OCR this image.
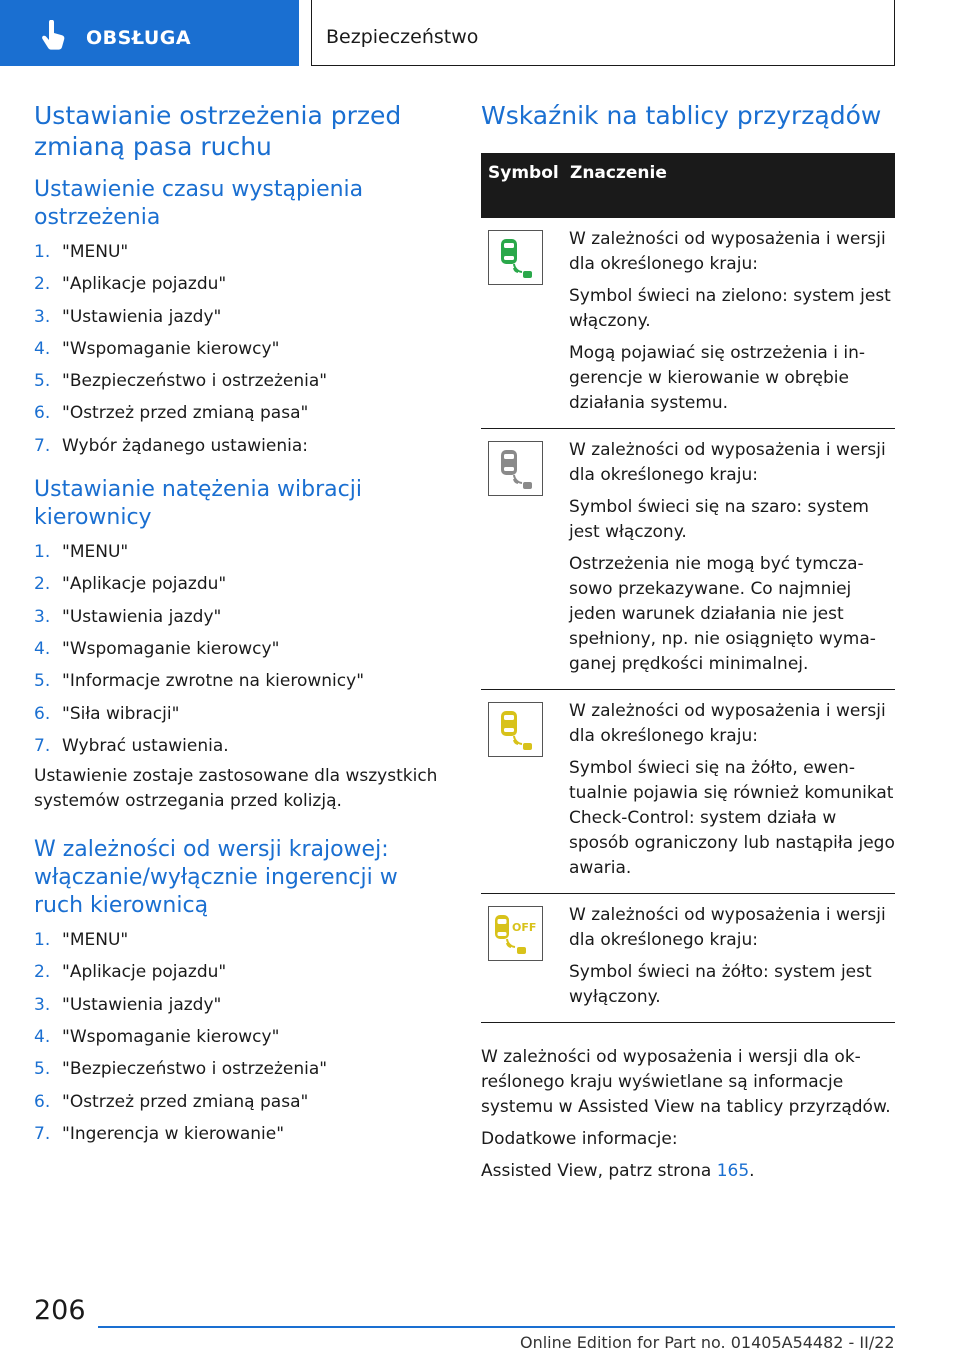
OBSŁUGA	Bezpieczeństwo
Ustawianie ostrzeżenia przed zmianą pasa ruchu
Ustawienie czasu wystąpienia ostrzeżenia
1. "MENU"
2. "Aplikacje pojazdu"
3. "Ustawienia jazdy"
4. "Wspomaganie kierowcy"
5. "Bezpieczeństwo i ostrzeżenia"
6. "Ostrzeż przed zmianą pasa"
7. Wybór żądanego ustawienia:
Ustawianie natężenia wibracji kierownicy
1. "MENU"
2. "Aplikacje pojazdu"
3. "Ustawienia jazdy"
4. "Wspomaganie kierowcy"
5. "Informacje zwrotne na kierownicy"
6. "Siła wibracji"
7. Wybrać ustawienia.

Ustawienie zostaje zastosowane dla wszystkich systemów ostrzegania przed kolizją.

W zależności od wersji krajowej: włączanie/wyłącznie ingerencji w ruch kierownicą
1. "MENU"
2. "Aplikacje pojazdu"
3. "Ustawienia jazdy"
4. "Wspomaganie kierowcy"
5. "Bezpieczeństwo i ostrzeżenia"
6. "Ostrzeż przed zmianą pasa"
7. "Ingerencja w kierowanie"
Wskaźnik na tablicy przyrządów
Symbol Znaczenie

W zależności od wyposażenia i wersji dla określonego kraju:

Symbol świeci na zielono: system jest włączony.

Mogą pojawiać się ostrzeżenia i ingerencje w kierowanie w obrębie działania systemu.

W zależności od wyposażenia i wersji dla określonego kraju:

Symbol świeci się na szaro: system jest włączony.

Ostrzeżenia nie mogą być tymczasowo przekazywane. Co najmniej jeden warunek działania nie jest spełniony, np. nie osiągnięto wymaganej prędkości minimalnej.

W zależności od wyposażenia i wersji dla określonego kraju:

Symbol świeci się na żółto, ewentualnie pojawia się również komunikat Check-Control: system działa w sposób ograniczony lub nastąpiła jego awaria.

OFF

W zależności od wyposażenia i wersji dla określonego kraju:

Symbol świeci na żółto: system jest wyłączony.

W zależności od wyposażenia i wersji dla określonego kraju wyświetlane są informacje systemu w Assisted View na tablicy przyrządów.

Dodatkowe informacje:

Assisted View, patrz strona 165.

206
Online Edition for Part no. 01405A54482 - II/22
